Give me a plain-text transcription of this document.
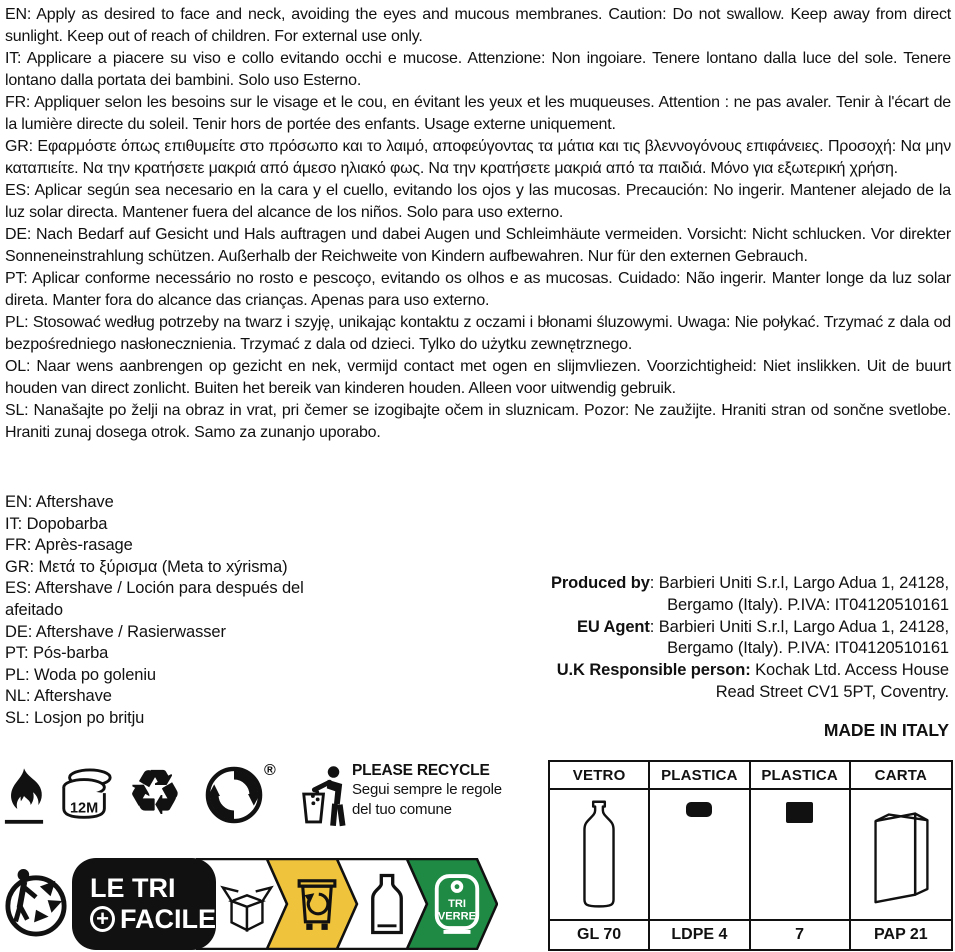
EN: Apply as desired to face and neck, avoiding the eyes and mucous membranes. Caution: Do not swallow. Keep away from direct sunlight. Keep out of reach of children. For external use only.

IT: Applicare a piacere su viso e collo evitando occhi e mucose. Attenzione: Non ingoiare. Tenere lontano dalla luce del sole. Tenere lontano dalla portata dei bambini. Solo uso Esterno.

FR: Appliquer selon les besoins sur le visage et le cou, en évitant les yeux et les muqueuses. Attention : ne pas avaler. Tenir à l'écart de la lumière directe du soleil. Tenir hors de portée des enfants. Usage externe uniquement.

GR: Εφαρμόστε όπως επιθυμείτε στο πρόσωπο και το λαιμό, αποφεύγοντας τα μάτια και τις βλεννογόνους επιφάνειες. Προσοχή: Να μην καταπιείτε. Να την κρατήσετε μακριά από άμεσο ηλιακό φως. Να την κρατήσετε μακριά από τα παιδιά. Μόνο για εξωτερική χρήση.

ES: Aplicar según sea necesario en la cara y el cuello, evitando los ojos y las mucosas. Precaución: No ingerir. Mantener alejado de la luz solar directa. Mantener fuera del alcance de los niños. Solo para uso externo.

DE: Nach Bedarf auf Gesicht und Hals auftragen und dabei Augen und Schleimhäute vermeiden. Vorsicht: Nicht schlucken. Vor direkter Sonneneinstrahlung schützen. Außerhalb der Reichweite von Kindern aufbewahren. Nur für den externen Gebrauch.

PT: Aplicar conforme necessário no rosto e pescoço, evitando os olhos e as mucosas. Cuidado: Não ingerir. Manter longe da luz solar direta. Manter fora do alcance das crianças. Apenas para uso externo.

PL: Stosować według potrzeby na twarz i szyję, unikając kontaktu z oczami i błonami śluzowymi. Uwaga: Nie połykać. Trzymać z dala od bezpośredniego nasłonecznienia. Trzymać z dala od dzieci. Tylko do użytku zewnętrznego.

OL: Naar wens aanbrengen op gezicht en nek, vermijd contact met ogen en slijmvliezen. Voorzichtigheid: Niet inslikken. Uit de buurt houden van direct zonlicht. Buiten het bereik van kinderen houden. Alleen voor uitwendig gebruik.

SL: Nanašajte po želji na obraz in vrat, pri čemer se izogibajte očem in sluznicam. Pozor: Ne zaužijte. Hraniti stran od sončne svetlobe. Hraniti zunaj dosega otrok. Samo za zunanjo uporabo.

EN: Aftershave
IT: Dopobarba
FR: Après-rasage
GR: Μετά το ξύρισμα (Meta to xýrisma)
ES: Aftershave / Loción para después del afeitado
DE: Aftershave / Rasierwasser
PT: Pós-barba
PL: Woda po goleniu
NL: Aftershave
SL: Losjon po britju
Produced by: Barbieri Uniti S.r.l, Largo Adua 1, 24128, Bergamo (Italy). P.IVA: IT04120510161
EU Agent: Barbieri Uniti S.r.l, Largo Adua 1, 24128, Bergamo (Italy). P.IVA: IT04120510161
U.K Responsible person: Kochak Ltd. Access House Read Street CV1 5PT, Coventry.
MADE IN ITALY
12M ♻	®	PLEASE RECYCLE
Segui sempre le regole
del tuo comune
LE TRI
+ FACILE
TRI
VERRE
VETRO	PLASTICA	PLASTICA	CARTA
GL 70	LDPE 4	7	PAP 21
